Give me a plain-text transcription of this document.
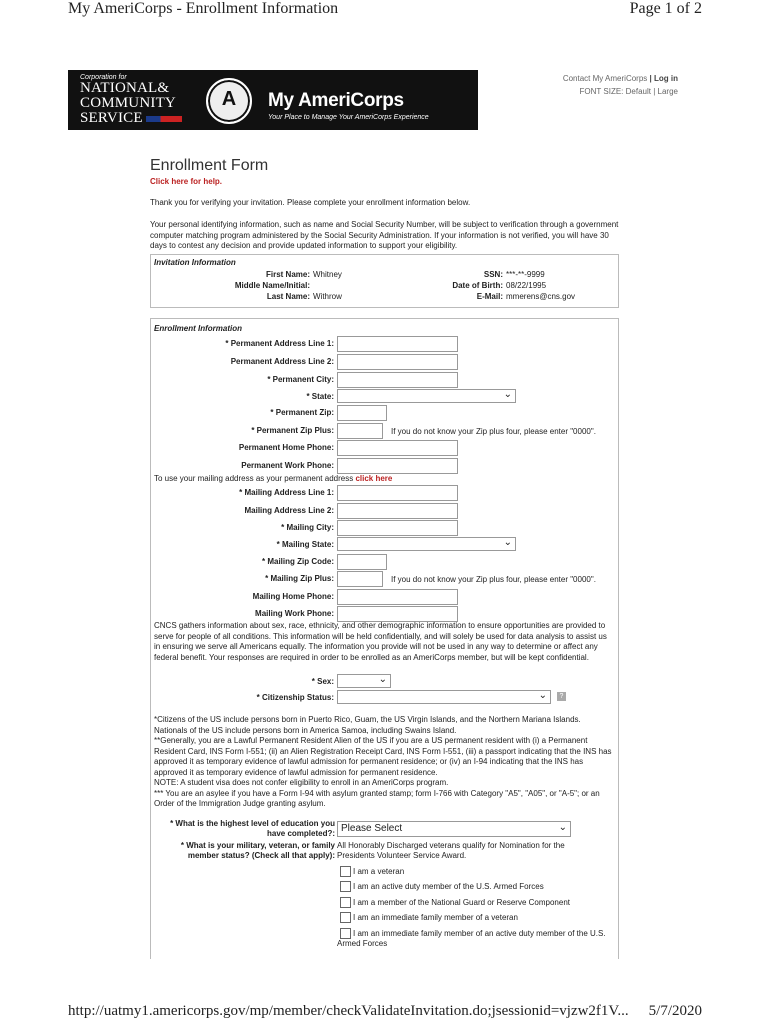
My AmeriCorps - Enrollment Information	Page 1 of 2
http://uatmy1.americorps.gov/mp/member/checkValidateInvitation.do;jsessionid=vjzw2f1V... 5/7/2020
Corporation for
NATIONAL&
COMMUNITY
SERVICE
A	My AmeriCorps
Your Place to Manage Your AmeriCorps Experience
Contact My AmeriCorps | Log in
FONT SIZE: Default | Large
Enrollment Form
Click here for help.
Thank you for verifying your invitation. Please complete your enrollment information below.
Your personal identifying information, such as name and Social Security Number, will be subject to verification through a government computer matching program administered by the Social Security Administration. If your information is not verified, you will have 30 days to contest any decision and provide updated information to support your eligibility.
Invitation Information
First Name: Whitney
Middle Name/Initial:
Last Name: Withrow
SSN: ***-**-9999
Date of Birth: 08/22/1995
E-Mail: mmerens@cns.gov
Enrollment Information
* Permanent Address Line 1:
Permanent Address Line 2:
* Permanent City:
* State:	⌄
* Permanent Zip:
* Permanent Zip Plus:	If you do not know your Zip plus four, please enter "0000".
Permanent Home Phone:
Permanent Work Phone:
To use your mailing address as your permanent address click here
* Mailing Address Line 1:
Mailing Address Line 2:
* Mailing City:
* Mailing State:	⌄
* Mailing Zip Code:
* Mailing Zip Plus:	If you do not know your Zip plus four, please enter "0000".
Mailing Home Phone:
Mailing Work Phone:
CNCS gathers information about sex, race, ethnicity, and other demographic information to ensure opportunities are provided to serve for people of all conditions. This information will be held confidentially, and will solely be used for data analysis to assist us in ensuring we serve all Americans equally. The information you provide will not be used in any way to determine or affect any federal benefit. Your responses are required in order to be enrolled as an AmeriCorps member, but will be kept confidential.
* Sex:	⌄
* Citizenship Status:	⌄	?
*Citizens of the US include persons born in Puerto Rico, Guam, the US Virgin Islands, and the Northern Mariana Islands. Nationals of the US include persons born in America Samoa, including Swains Island.
**Generally, you are a Lawful Permanent Resident Alien of the US if you are a US permanent resident with (i) a Permanent Resident Card, INS Form I-551; (ii) an Alien Registration Receipt Card, INS Form I-551, (iii) a passport indicating that the INS has approved it as temporary evidence of lawful admission for permanent residence; or (iv) an I-94 indicating that the INS has approved it as temporary evidence of lawful admission for permanent residence.
NOTE: A student visa does not confer eligibility to enroll in an AmeriCorps program.
*** You are an asylee if you have a Form I-94 with asylum granted stamp; form I-766 with Category "A5", "A05", or "A-5"; or an Order of the Immigration Judge granting asylum.
* What is the highest level of education you
have completed?: Please Select	⌄
* What is your military, veteran, or family
member status? (Check all that apply):
All Honorably Discharged veterans qualify for Nomination for the
Presidents Volunteer Service Award.
I am a veteran
I am an active duty member of the U.S. Armed Forces
I am a member of the National Guard or Reserve Component
I am an immediate family member of a veteran
I am an immediate family member of an active duty member of the U.S. Armed Forces
